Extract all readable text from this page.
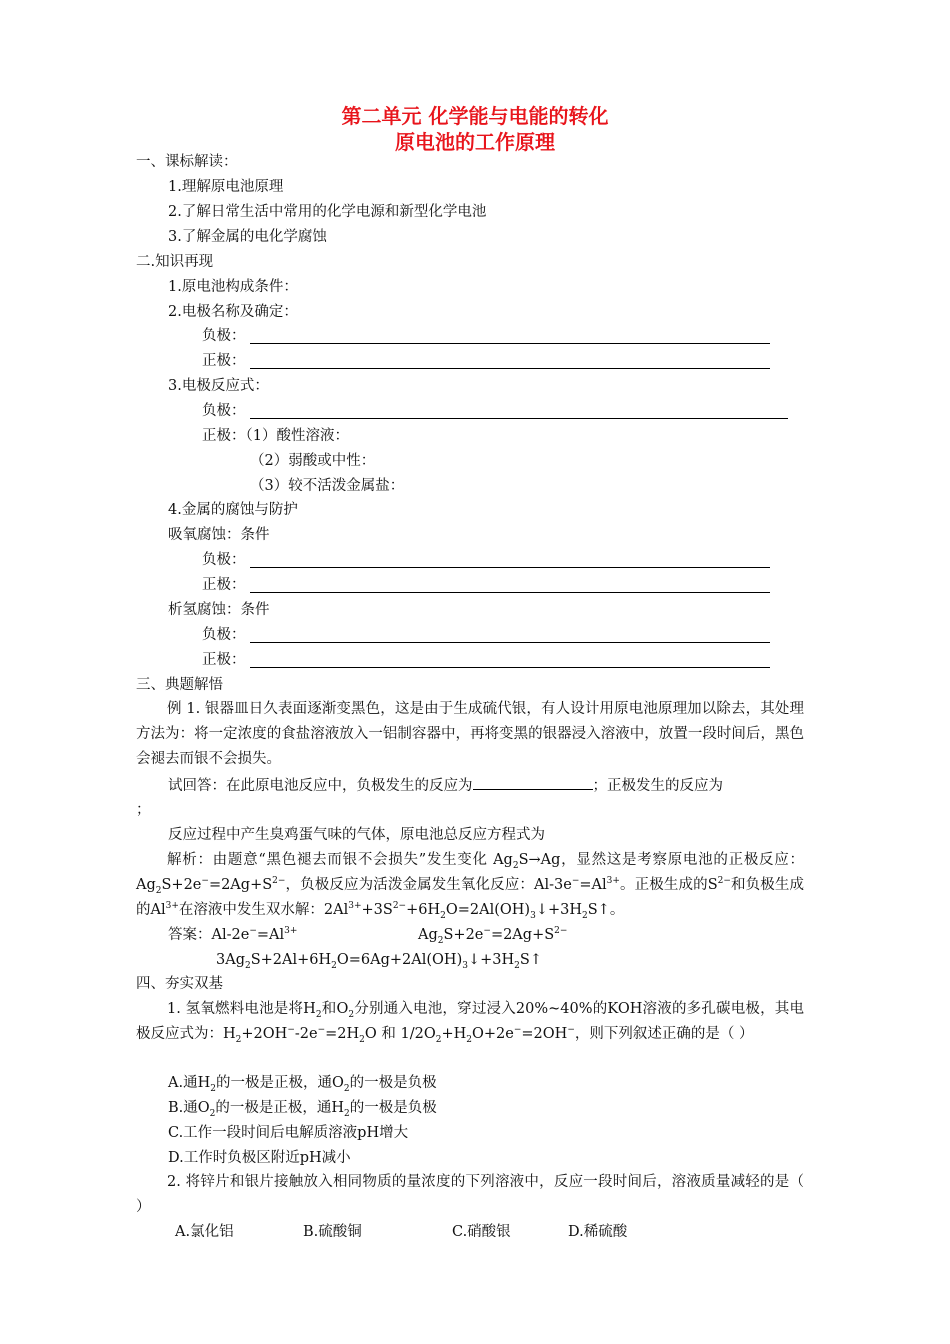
第二单元 化学能与电能的转化
原电池的工作原理
一、课标解读：
1.理解原电池原理
2.了解日常生活中常用的化学电源和新型化学电池
3.了解金属的电化学腐蚀
二.知识再现
1.原电池构成条件：
2.电极名称及确定：
负极：
正极：
3.电极反应式：
负极：
正极：（1）酸性溶液：
（2）弱酸或中性：
（3）较不活泼金属盐：
4.金属的腐蚀与防护
吸氧腐蚀：条件
负极：
正极：
析氢腐蚀：条件
负极：
正极：
三、典题解悟
例 1. 银器皿日久表面逐渐变黑色，这是由于生成硫代银，有人设计用原电池原理加以除去，其处理方法为：将一定浓度的食盐溶液放入一铝制容器中，再将变黑的银器浸入溶液中，放置一段时间后，黑色会褪去而银不会损失。
试回答：在此原电池反应中，负极发生的反应为	；正极发生的反应为
；
反应过程中产生臭鸡蛋气味的气体，原电池总反应方程式为
解析：由题意“黑色褪去而银不会损失”发生变化 $Ag_2S\to Ag$，显然这是考察原电池的正极反应：$Ag_2S+2e^-=2Ag+S^{2-}$，负极反应为活泼金属发生氧化反应：$Al-3e^-=Al^{3+}$。正极生成的$S^{2-}$和负极生成的$Al^{3+}$在溶液中发生双水解：$2Al^{3+}+3S^{2-}+6H_2O=2Al(OH)_3↓+3H_2S↑$。
答案：$Al-2e^-=Al^{3+}$	$Ag_2S+2e^-=2Ag+S^{2-}$
$3Ag_2S+2Al+6H_2O=6Ag+2Al(OH)_3↓+3H_2S↑$
四、夯实双基
1. 氢氧燃料电池是将$H_2$和$O_2$分别通入电池，穿过浸入20%~40%的KOH溶液的多孔碳电极，其电极反应式为：$H_2+2OH^--2e^-=2H_2O$ 和 $1/2O_2+H_2O+2e^-=2OH^-$，则下列叙述正确的是（ ）
A.通$H_2$的一极是正极，通$O_2$的一极是负极
B.通$O_2$的一极是正极，通$H_2$的一极是负极
C.工作一段时间后电解质溶液pH增大
D.工作时负极区附近pH减小
2. 将锌片和银片接触放入相同物质的量浓度的下列溶液中，反应一段时间后，溶液质量减轻的是（ ）
A.氯化铝	B.硫酸铜	C.硝酸银	D.稀硫酸
